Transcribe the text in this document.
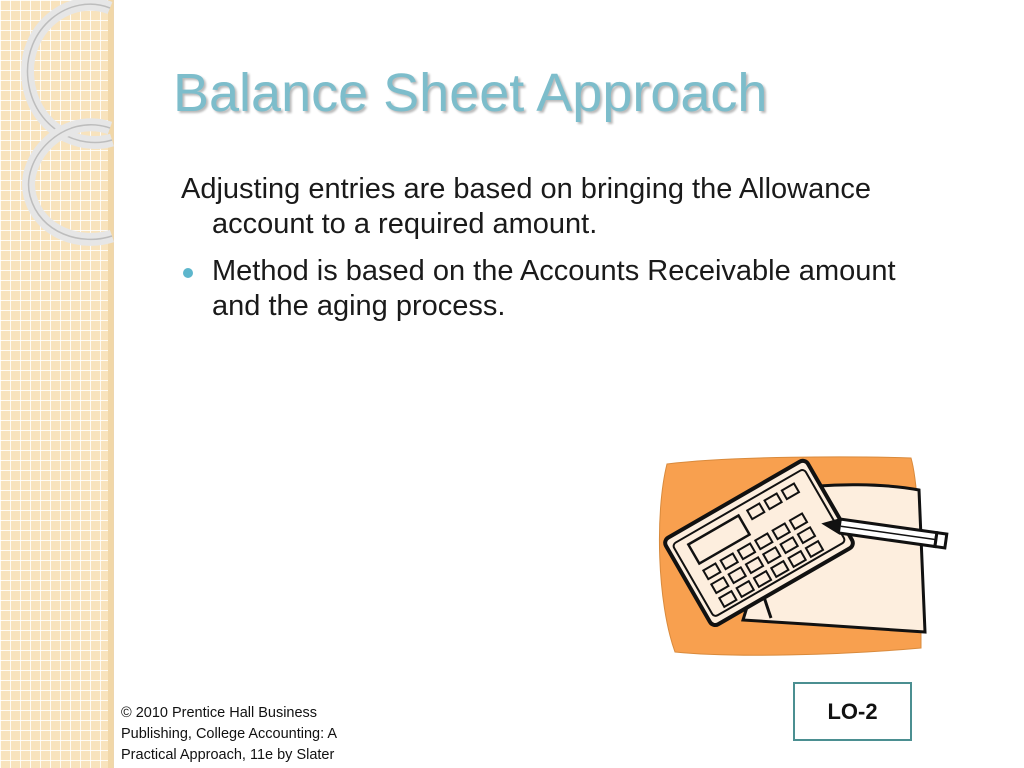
Balance Sheet Approach

Adjusting entries are based on bringing the Allowance account to a required amount.

Method is based on the Accounts Receivable amount and the aging process.
© 2010 Prentice Hall Business Publishing, College Accounting: A Practical Approach, 11e by Slater
LO-2
